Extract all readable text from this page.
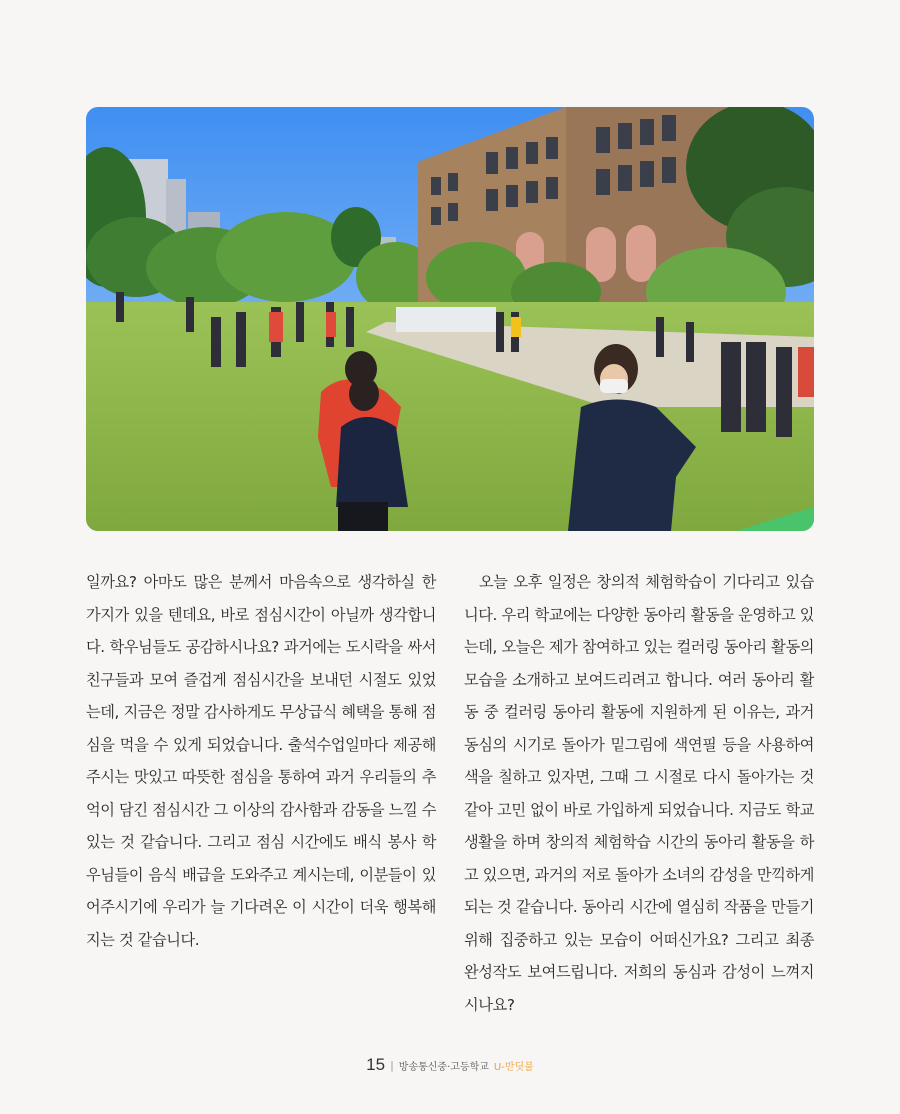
일까요? 아마도 많은 분께서 마음속으로 생각하실 한 가지가 있을 텐데요, 바로 점심시간이 아닐까 생각합니다. 학우님들도 공감하시나요? 과거에는 도시락을 싸서 친구들과 모여 즐겁게 점심시간을 보내던 시절도 있었는데, 지금은 정말 감사하게도 무상급식 혜택을 통해 점심을 먹을 수 있게 되었습니다. 출석수업일마다 제공해주시는 맛있고 따뜻한 점심을 통하여 과거 우리들의 추억이 담긴 점심시간 그 이상의 감사함과 감동을 느낄 수 있는 것 같습니다. 그리고 점심 시간에도 배식 봉사 학우님들이 음식 배급을 도와주고 계시는데, 이분들이 있어주시기에 우리가 늘 기다려온 이 시간이 더욱 행복해지는 것 같습니다.

오늘 오후 일정은 창의적 체험학습이 기다리고 있습니다. 우리 학교에는 다양한 동아리 활동을 운영하고 있는데, 오늘은 제가 참여하고 있는 컬러링 동아리 활동의 모습을 소개하고 보여드리려고 합니다. 여러 동아리 활동 중 컬러링 동아리 활동에 지원하게 된 이유는, 과거 동심의 시기로 돌아가 밑그림에 색연필 등을 사용하여 색을 칠하고 있자면, 그때 그 시절로 다시 돌아가는 것 같아 고민 없이 바로 가입하게 되었습니다. 지금도 학교생활을 하며 창의적 체험학습 시간의 동아리 활동을 하고 있으면, 과거의 저로 돌아가 소녀의 감성을 만끽하게 되는 것 같습니다. 동아리 시간에 열심히 작품을 만들기 위해 집중하고 있는 모습이 어떠신가요? 그리고 최종 완성작도 보여드립니다. 저희의 동심과 감성이 느껴지시나요?

15 | 방송통신중·고등학교 U-반딧불
